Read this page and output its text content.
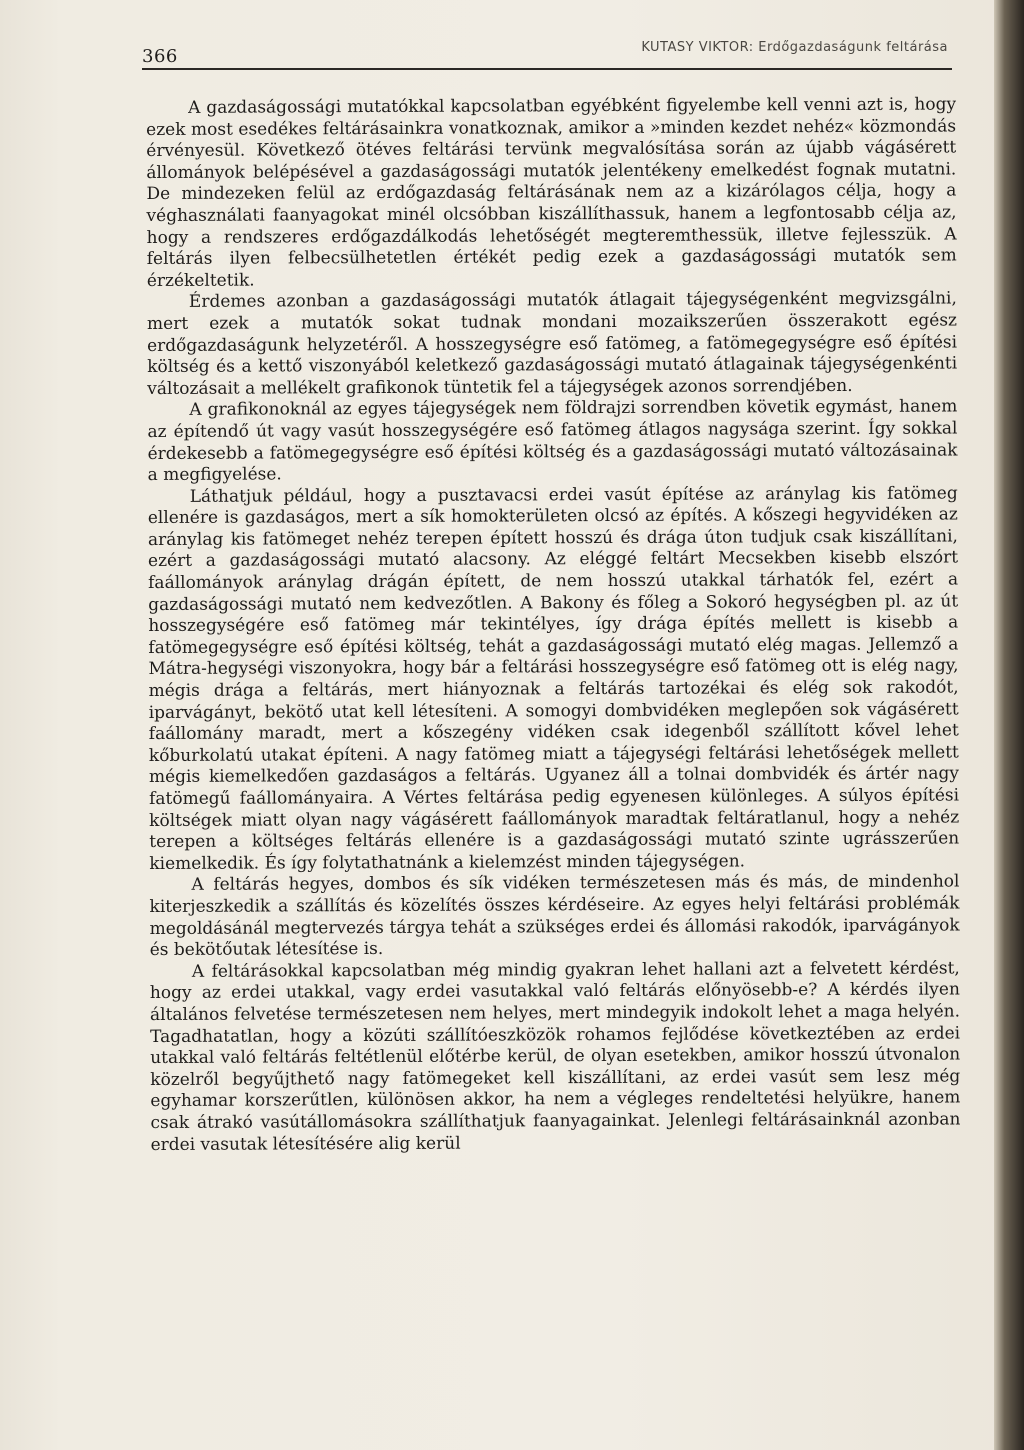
366	KUTASY VIKTOR: Erdőgazdaságunk feltárása

A gazdaságossági mutatókkal kapcsolatban egyébként figyelembe kell venni azt is, hogy ezek most esedékes feltárásainkra vonatkoznak, amikor a »minden kezdet nehéz« közmondás érvényesül. Következő ötéves feltárási tervünk megvalósítása során az újabb vágásérett állományok belépésével a gazdaságossági mutatók jelentékeny emelkedést fognak mutatni. De mindezeken felül az erdőgazdaság feltárásának nem az a kizárólagos célja, hogy a véghasználati faanyagokat minél olcsóbban kiszállíthassuk, hanem a legfontosabb célja az, hogy a rendszeres erdőgazdálkodás lehetőségét megteremthessük, illetve fejlesszük. A feltárás ilyen felbecsülhetetlen értékét pedig ezek a gazdaságossági mutatók sem érzékeltetik.

Érdemes azonban a gazdaságossági mutatók átlagait tájegységenként megvizsgálni, mert ezek a mutatók sokat tudnak mondani mozaikszerűen összerakott egész erdőgazdaságunk helyzetéről. A hosszegységre eső fatömeg, a fatömegegységre eső építési költség és a kettő viszonyából keletkező gazdaságossági mutató átlagainak tájegységenkénti változásait a mellékelt grafikonok tüntetik fel a tájegységek azonos sorrendjében.

A grafikonoknál az egyes tájegységek nem földrajzi sorrendben követik egymást, hanem az építendő út vagy vasút hosszegységére eső fatömeg átlagos nagysága szerint. Így sokkal érdekesebb a fatömegegységre eső építési költség és a gazdaságossági mutató változásainak a megfigyelése.

Láthatjuk például, hogy a pusztavacsi erdei vasút építése az aránylag kis fatömeg ellenére is gazdaságos, mert a sík homokterületen olcsó az építés. A kőszegi hegyvidéken az aránylag kis fatömeget nehéz terepen épített hosszú és drága úton tudjuk csak kiszállítani, ezért a gazdaságossági mutató alacsony. Az eléggé feltárt Mecsekben kisebb elszórt faállományok aránylag drágán épített, de nem hosszú utakkal tárhatók fel, ezért a gazdaságossági mutató nem kedvezőtlen. A Bakony és főleg a Sokoró hegységben pl. az út hosszegységére eső fatömeg már tekintélyes, így drága építés mellett is kisebb a fatömegegységre eső építési költség, tehát a gazdaságossági mutató elég magas. Jellemző a Mátra-hegységi viszonyokra, hogy bár a feltárási hosszegységre eső fatömeg ott is elég nagy, mégis drága a feltárás, mert hiányoznak a feltárás tartozékai és elég sok rakodót, iparvágányt, bekötő utat kell létesíteni. A somogyi dombvidéken meglepően sok vágásérett faállomány maradt, mert a kőszegény vidéken csak idegenből szállított kővel lehet kőburkolatú utakat építeni. A nagy fatömeg miatt a tájegységi feltárási lehetőségek mellett mégis kiemelkedően gazdaságos a feltárás. Ugyanez áll a tolnai dombvidék és ártér nagy fatömegű faállományaira. A Vértes feltárása pedig egyenesen különleges. A súlyos építési költségek miatt olyan nagy vágásérett faállományok maradtak feltáratlanul, hogy a nehéz terepen a költséges feltárás ellenére is a gazdaságossági mutató szinte ugrásszerűen kiemelkedik. És így folytathatnánk a kielemzést minden tájegységen.

A feltárás hegyes, dombos és sík vidéken természetesen más és más, de mindenhol kiterjeszkedik a szállítás és közelítés összes kérdéseire. Az egyes helyi feltárási problémák megoldásánál megtervezés tárgya tehát a szükséges erdei és állomási rakodók, iparvágányok és bekötőutak létesítése is.

A feltárásokkal kapcsolatban még mindig gyakran lehet hallani azt a felvetett kérdést, hogy az erdei utakkal, vagy erdei vasutakkal való feltárás előnyösebb-e? A kérdés ilyen általános felvetése természetesen nem helyes, mert mindegyik indokolt lehet a maga helyén. Tagadhatatlan, hogy a közúti szállítóeszközök rohamos fejlődése következtében az erdei utakkal való feltárás feltétlenül előtérbe kerül, de olyan esetekben, amikor hosszú útvonalon közelről begyűjthető nagy fatömegeket kell kiszállítani, az erdei vasút sem lesz még egyhamar korszerűtlen, különösen akkor, ha nem a végleges rendeltetési helyükre, hanem csak átrakó vasútállomásokra szállíthatjuk faanyagainkat. Jelenlegi feltárásainknál azonban erdei vasutak létesítésére alig kerül
